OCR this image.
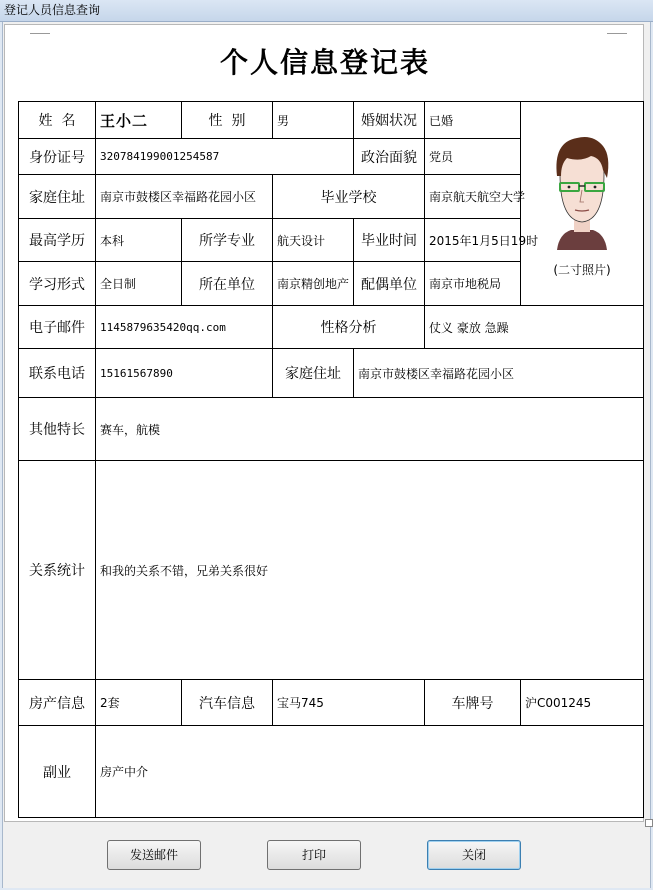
登记人员信息查询
个人信息登记表
姓  名	王小二	性  别	男	婚姻状况	已婚	(二寸照片)

身份证号	320784199001254587			政治面貌	党员	
家庭住址	南京市鼓楼区幸福路花园小区		毕业学校		南京航天航空大学	
最高学历	本科	所学专业	航天设计	毕业时间	2015年1月5日19时	
学习形式	全日制	所在单位	南京精创地产	配偶单位	南京市地税局	
电子邮件	1145879635420qq.com		性格分析		仗义 豪放 急躁	
联系电话	15161567890		家庭住址	南京市鼓楼区幸福路花园小区		
其他特长	赛车，航模					
关系统计	和我的关系不错，兄弟关系很好					
房产信息	2套	汽车信息	宝马745		车牌号	沪C001245
副业	房产中介					
发送邮件	打印	关闭
